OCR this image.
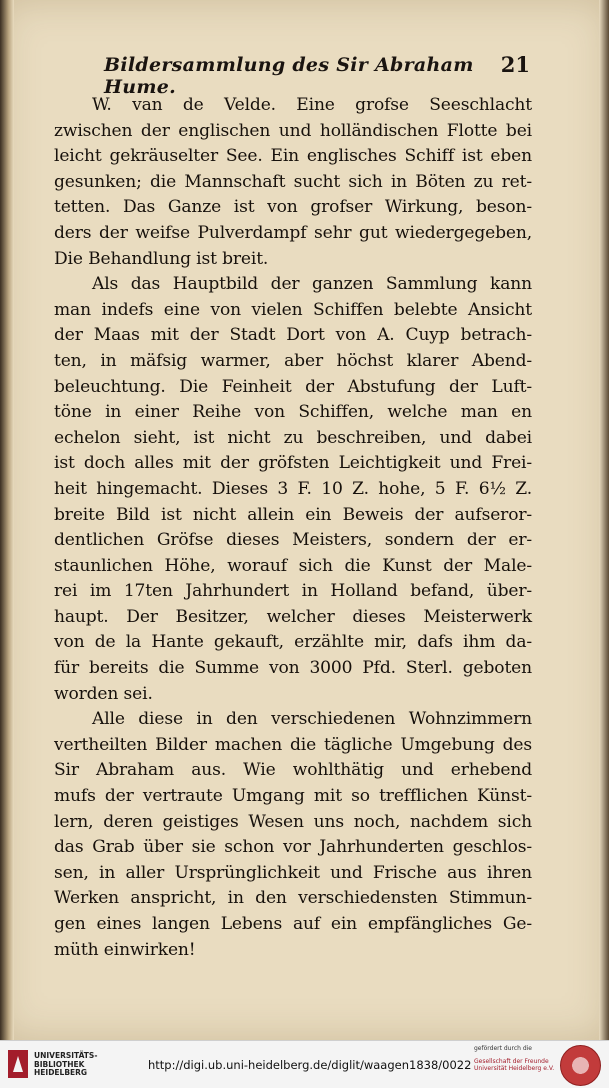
Bildersammlung des Sir Abraham Hume.
21
W. van de Velde. Eine grofse Seeschlacht
zwischen der englischen und holländischen Flotte bei
leicht gekräuselter See. Ein englisches Schiff ist eben
gesunken; die Mannschaft sucht sich in Böten zu ret-
tetten. Das Ganze ist von grofser Wirkung, beson-
ders der weifse Pulverdampf sehr gut wiedergegeben,
Die Behandlung ist breit.
Als das Hauptbild der ganzen Sammlung kann
man indefs eine von vielen Schiffen belebte Ansicht
der Maas mit der Stadt Dort von A. Cuyp betrach-
ten, in mäfsig warmer, aber höchst klarer Abend-
beleuchtung. Die Feinheit der Abstufung der Luft-
töne in einer Reihe von Schiffen, welche man en
echelon sieht, ist nicht zu beschreiben, und dabei
ist doch alles mit der gröfsten Leichtigkeit und Frei-
heit hingemacht. Dieses 3 F. 10 Z. hohe, 5 F. 6½ Z.
breite Bild ist nicht allein ein Beweis der aufseror-
dentlichen Gröfse dieses Meisters, sondern der er-
staunlichen Höhe, worauf sich die Kunst der Male-
rei im 17ten Jahrhundert in Holland befand, über-
haupt. Der Besitzer, welcher dieses Meisterwerk
von de la Hante gekauft, erzählte mir, dafs ihm da-
für bereits die Summe von 3000 Pfd. Sterl. geboten
worden sei.
Alle diese in den verschiedenen Wohnzimmern
vertheilten Bilder machen die tägliche Umgebung des
Sir Abraham aus. Wie wohlthätig und erhebend
mufs der vertraute Umgang mit so trefflichen Künst-
lern, deren geistiges Wesen uns noch, nachdem sich
das Grab über sie schon vor Jahrhunderten geschlos-
sen, in aller Ursprünglichkeit und Frische aus ihren
Werken anspricht, in den verschiedensten Stimmun-
gen eines langen Lebens auf ein empfängliches Ge-
müth einwirken!
UNIVERSITÄTS-
BIBLIOTHEK
HEIDELBERG
http://digi.ub.uni-heidelberg.de/diglit/waagen1838/0022
gefördert durch die
Gesellschaft der Freunde
Universität Heidelberg e.V.
